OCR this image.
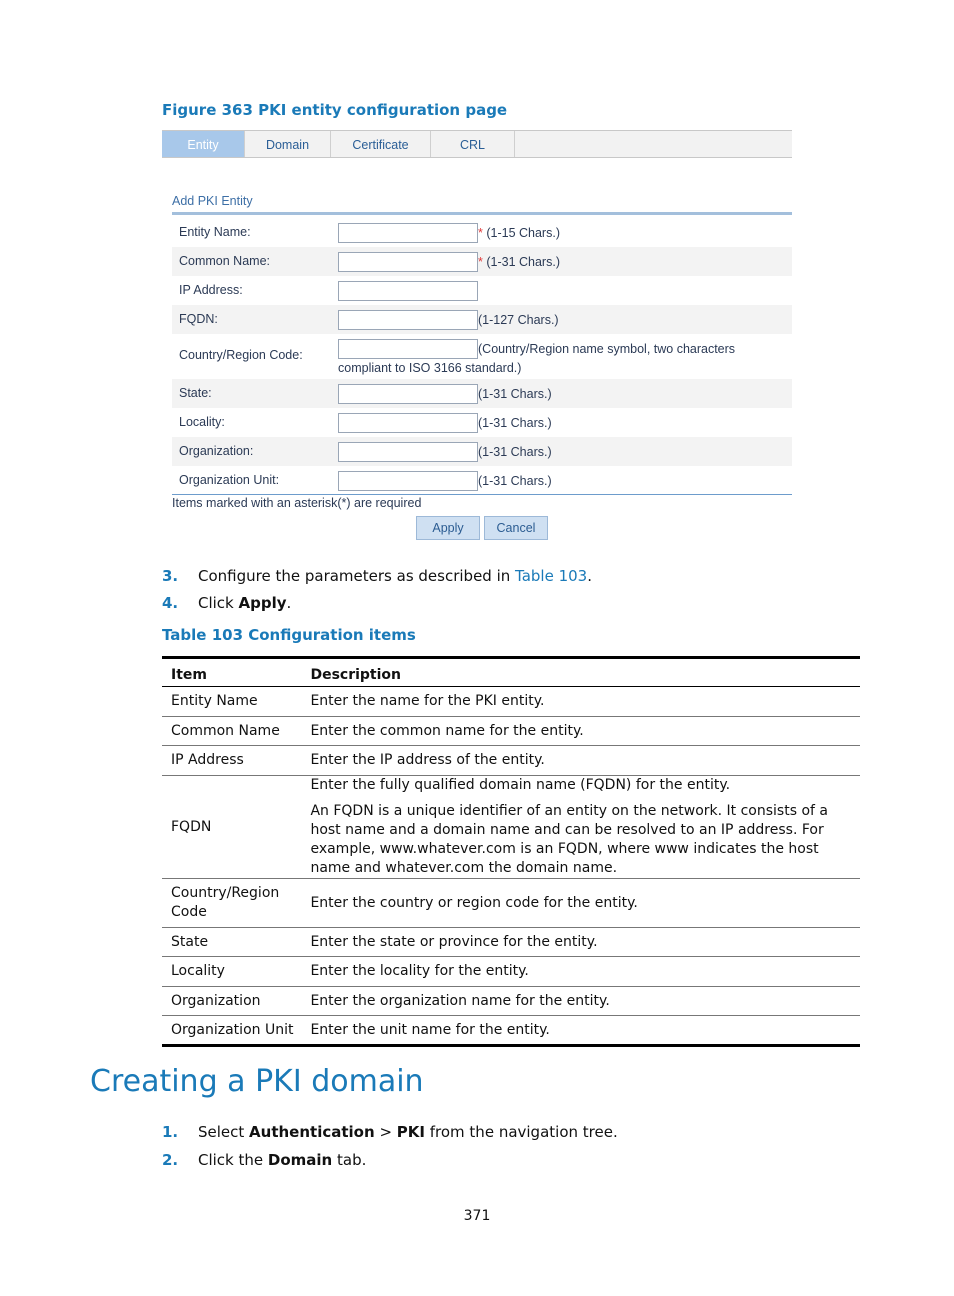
Figure 363 PKI entity configuration page
Entity	Domain	Certificate	CRL
Add PKI Entity
Entity Name:	* (1-15 Chars.)
Common Name:	* (1-31 Chars.)
IP Address:
FQDN:	(1-127 Chars.)
Country/Region Code:	(Country/Region name symbol, two characters
compliant to ISO 3166 standard.)
State:	(1-31 Chars.)
Locality:	(1-31 Chars.)
Organization:	(1-31 Chars.)
Organization Unit:	(1-31 Chars.)
Items marked with an asterisk(*) are required
Apply	Cancel
3. Configure the parameters as described in Table 103.
4. Click Apply.
Table 103 Configuration items
Item	Description
Entity Name	Enter the name for the PKI entity.
Common Name	Enter the common name for the entity.
IP Address	Enter the IP address of the entity.
FQDN	Enter the fully qualified domain name (FQDN) for the entity.
An FQDN is a unique identifier of an entity on the network. It consists of a host name and a domain name and can be resolved to an IP address. For example, www.whatever.com is an FQDN, where www indicates the host name and whatever.com the domain name.

Country/Region Code	Enter the country or region code for the entity.
State	Enter the state or province for the entity.
Locality	Enter the locality for the entity.
Organization	Enter the organization name for the entity.
Organization Unit	Enter the unit name for the entity.
Creating a PKI domain
1. Select Authentication > PKI from the navigation tree.
2. Click the Domain tab.
371
